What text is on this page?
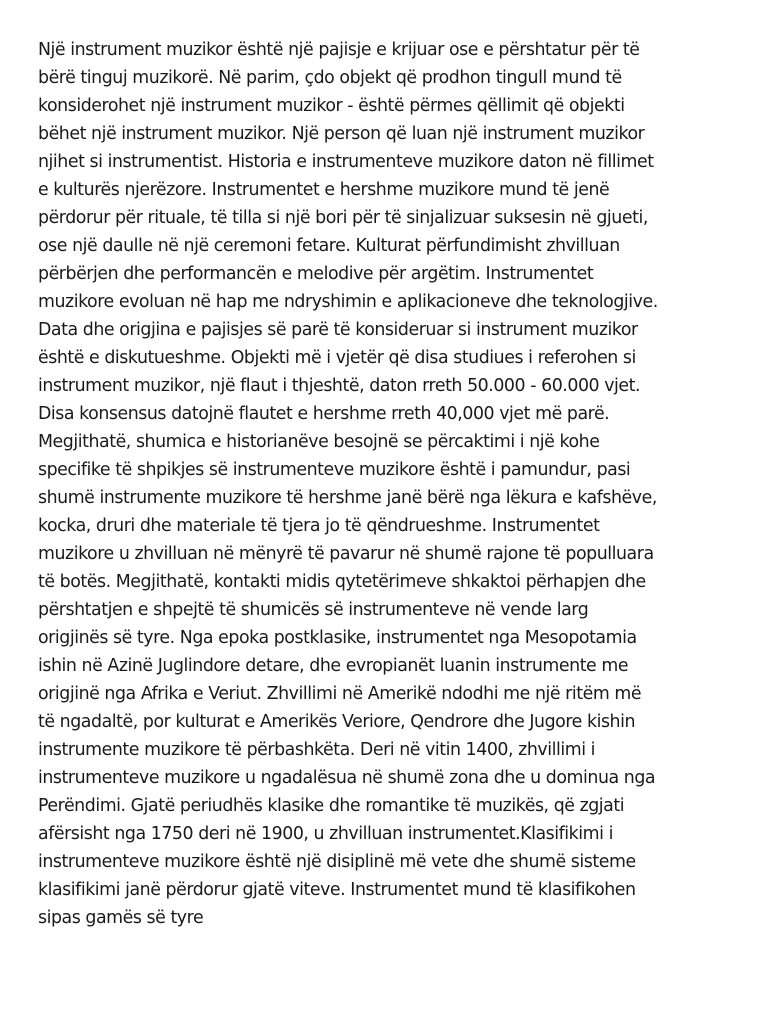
Një instrument muzikor është një pajisje e krijuar ose e përshtatur për të
bërë tinguj muzikorë. Në parim, çdo objekt që prodhon tingull mund të
konsiderohet një instrument muzikor - është përmes qëllimit që objekti
bëhet një instrument muzikor. Një person që luan një instrument muzikor
njihet si instrumentist. Historia e instrumenteve muzikore daton në fillimet
e kulturës njerëzore. Instrumentet e hershme muzikore mund të jenë
përdorur për rituale, të tilla si një bori për të sinjalizuar suksesin në gjueti,
ose një daulle në një ceremoni fetare. Kulturat përfundimisht zhvilluan
përbërjen dhe performancën e melodive për argëtim. Instrumentet
muzikore evoluan në hap me ndryshimin e aplikacioneve dhe teknologjive.
Data dhe origjina e pajisjes së parë të konsideruar si instrument muzikor
është e diskutueshme. Objekti më i vjetër që disa studiues i referohen si
instrument muzikor, një flaut i thjeshtë, daton rreth 50.000 - 60.000 vjet.
Disa konsensus datojnë flautet e hershme rreth 40,000 vjet më parë.
Megjithatë, shumica e historianëve besojnë se përcaktimi i një kohe
specifike të shpikjes së instrumenteve muzikore është i pamundur, pasi
shumë instrumente muzikore të hershme janë bërë nga lëkura e kafshëve,
kocka, druri dhe materiale të tjera jo të qëndrueshme. Instrumentet
muzikore u zhvilluan në mënyrë të pavarur në shumë rajone të populluara
të botës. Megjithatë, kontakti midis qytetërimeve shkaktoi përhapjen dhe
përshtatjen e shpejtë të shumicës së instrumenteve në vende larg
origjinës së tyre. Nga epoka postklasike, instrumentet nga Mesopotamia
ishin në Azinë Juglindore detare, dhe evropianët luanin instrumente me
origjinë nga Afrika e Veriut. Zhvillimi në Amerikë ndodhi me një ritëm më
të ngadaltë, por kulturat e Amerikës Veriore, Qendrore dhe Jugore kishin
instrumente muzikore të përbashkëta. Deri në vitin 1400, zhvillimi i
instrumenteve muzikore u ngadalësua në shumë zona dhe u dominua nga
Perëndimi. Gjatë periudhës klasike dhe romantike të muzikës, që zgjati
afërsisht nga 1750 deri në 1900, u zhvilluan instrumentet.Klasifikimi i
instrumenteve muzikore është një disiplinë më vete dhe shumë sisteme
klasifikimi janë përdorur gjatë viteve. Instrumentet mund të klasifikohen
sipas gamës së tyre
